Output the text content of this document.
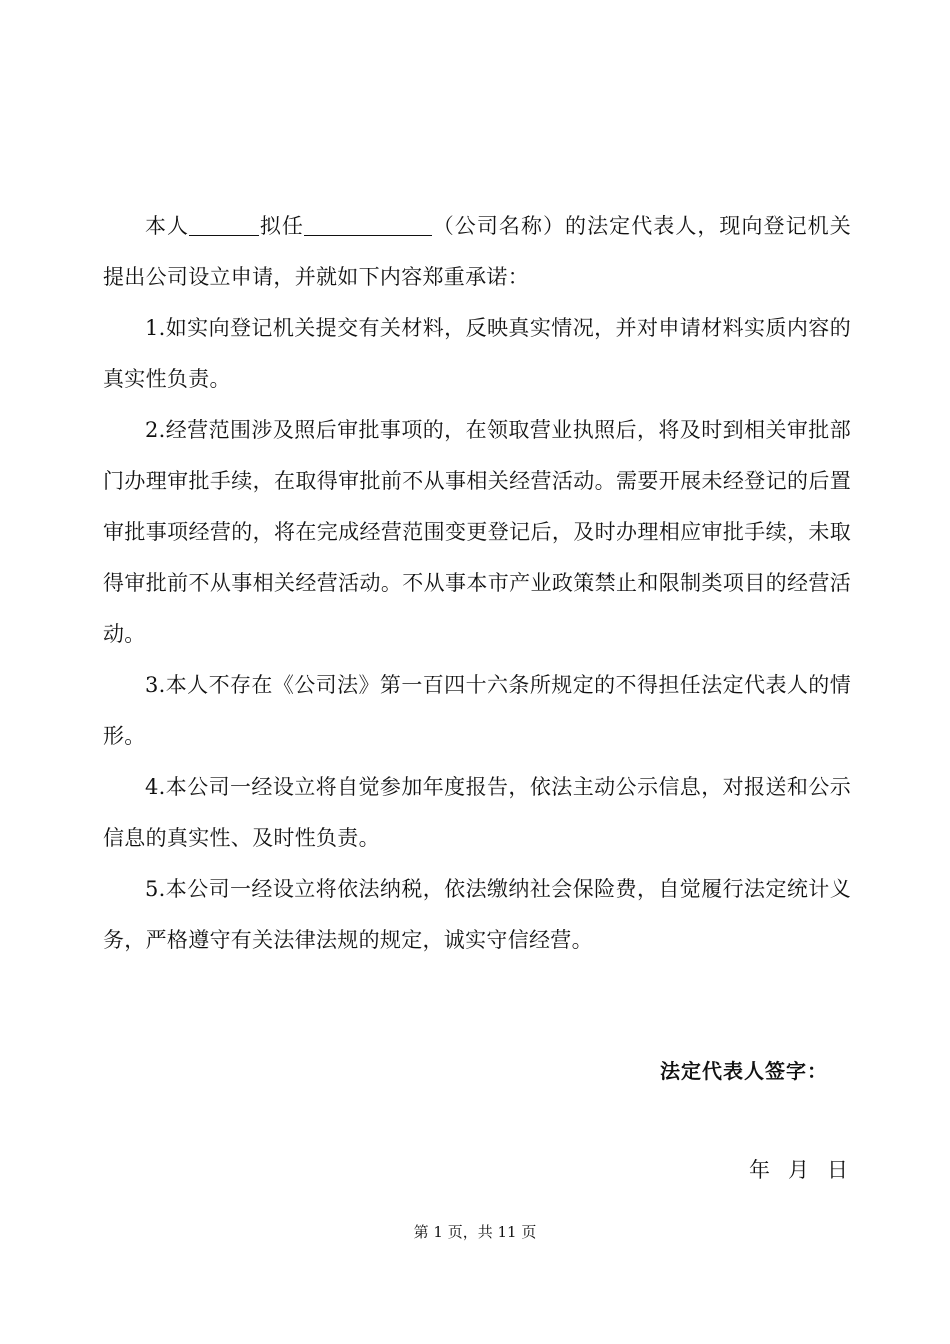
本人	拟任	（公司名称）的法定代表人，现向登记机关提出公司设立申请，并就如下内容郑重承诺：

1.如实向登记机关提交有关材料，反映真实情况，并对申请材料实质内容的真实性负责。

2.经营范围涉及照后审批事项的，在领取营业执照后，将及时到相关审批部门办理审批手续，在取得审批前不从事相关经营活动。需要开展未经登记的后置审批事项经营的，将在完成经营范围变更登记后，及时办理相应审批手续，未取得审批前不从事相关经营活动。不从事本市产业政策禁止和限制类项目的经营活动。

3.本人不存在《公司法》第一百四十六条所规定的不得担任法定代表人的情形。

4.本公司一经设立将自觉参加年度报告，依法主动公示信息，对报送和公示信息的真实性、及时性负责。

5.本公司一经设立将依法纳税，依法缴纳社会保险费，自觉履行法定统计义务，严格遵守有关法律法规的规定，诚实守信经营。

法定代表人签字：
年 月 日
第 1 页，共 11 页
